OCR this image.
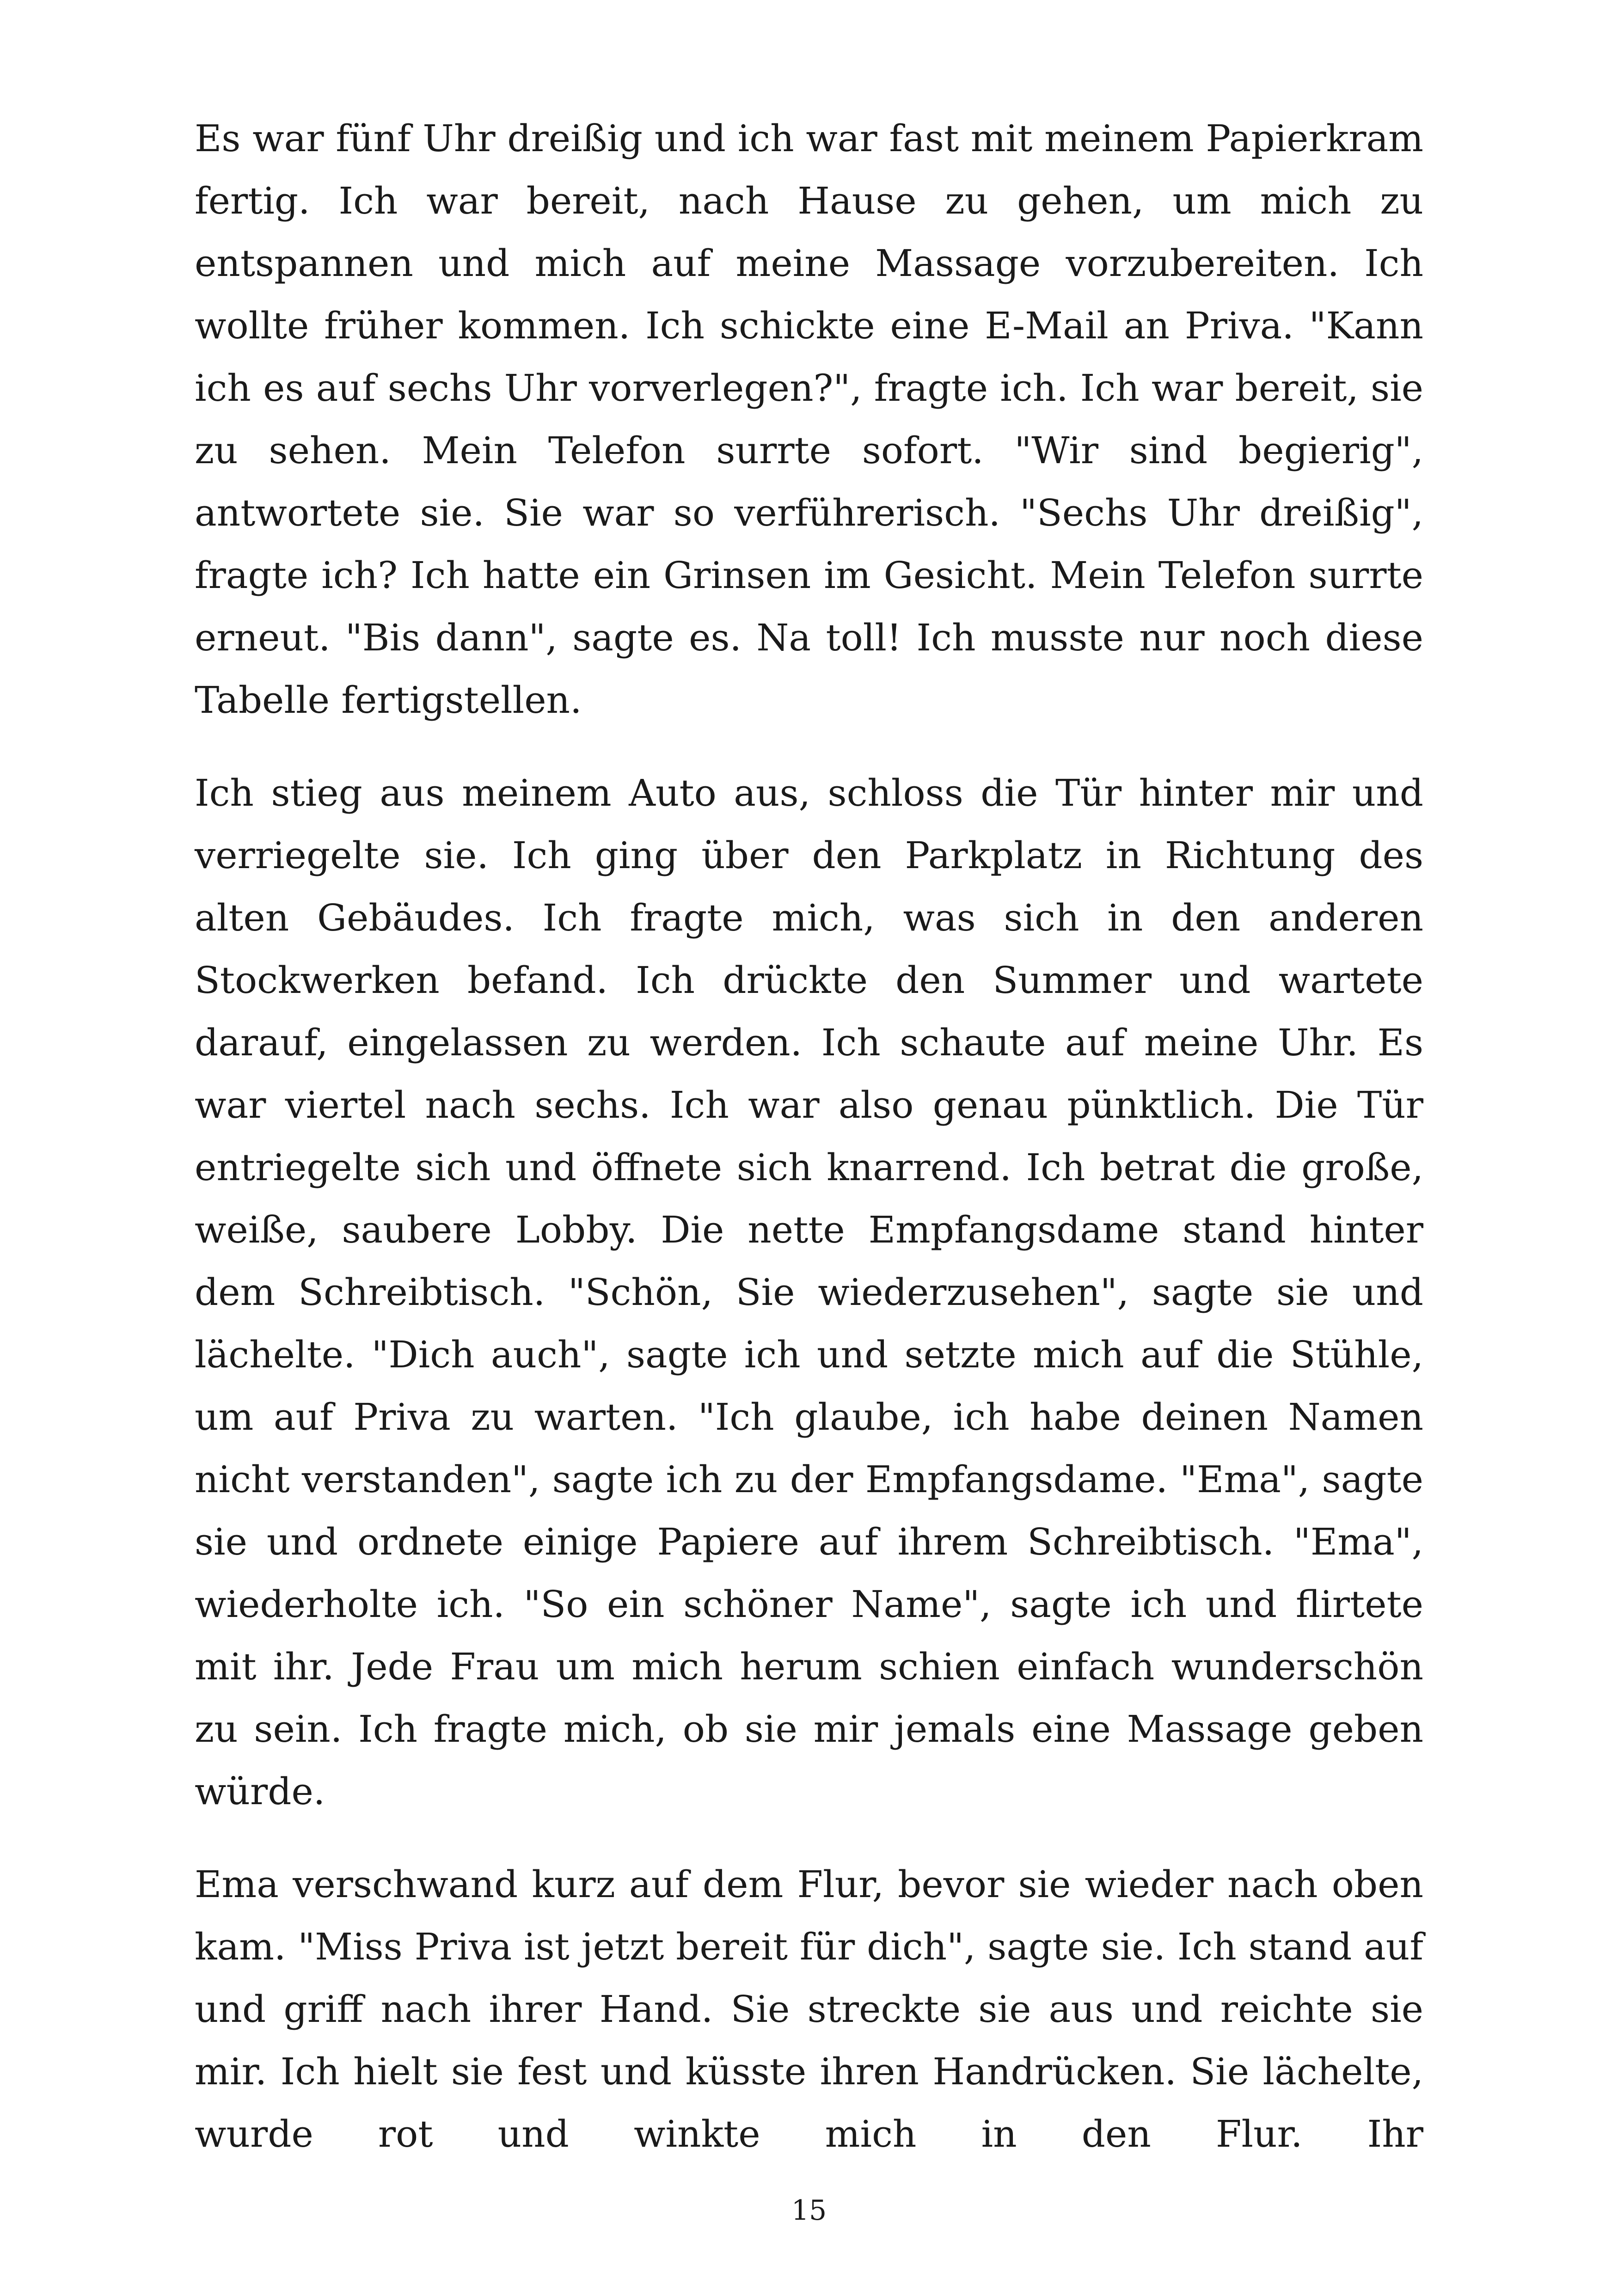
Es war fünf Uhr dreißig und ich war fast mit meinem Papierkram fertig. Ich war bereit, nach Hause zu gehen, um mich zu entspannen und mich auf meine Massage vorzubereiten. Ich wollte früher kommen. Ich schickte eine E-Mail an Priva. "Kann ich es auf sechs Uhr vorverlegen?", fragte ich. Ich war bereit, sie zu sehen. Mein Telefon surrte sofort. "Wir sind begierig", antwortete sie. Sie war so verführerisch. "Sechs Uhr dreißig", fragte ich? Ich hatte ein Grinsen im Gesicht. Mein Telefon surrte erneut. "Bis dann", sagte es. Na toll! Ich musste nur noch diese Tabelle fertigstellen.

Ich stieg aus meinem Auto aus, schloss die Tür hinter mir und verriegelte sie. Ich ging über den Parkplatz in Richtung des alten Gebäudes. Ich fragte mich, was sich in den anderen Stockwerken befand. Ich drückte den Summer und wartete darauf, eingelassen zu werden. Ich schaute auf meine Uhr. Es war viertel nach sechs. Ich war also genau pünktlich. Die Tür entriegelte sich und öffnete sich knarrend. Ich betrat die große, weiße, saubere Lobby. Die nette Empfangsdame stand hinter dem Schreibtisch. "Schön, Sie wiederzusehen", sagte sie und lächelte. "Dich auch", sagte ich und setzte mich auf die Stühle, um auf Priva zu warten. "Ich glaube, ich habe deinen Namen nicht verstanden", sagte ich zu der Empfangsdame. "Ema", sagte sie und ordnete einige Papiere auf ihrem Schreibtisch. "Ema", wiederholte ich. "So ein schöner Name", sagte ich und flirtete mit ihr. Jede Frau um mich herum schien einfach wunderschön zu sein. Ich fragte mich, ob sie mir jemals eine Massage geben würde.

Ema verschwand kurz auf dem Flur, bevor sie wieder nach oben kam. "Miss Priva ist jetzt bereit für dich", sagte sie. Ich stand auf und griff nach ihrer Hand. Sie streckte sie aus und reichte sie mir. Ich hielt sie fest und küsste ihren Handrücken. Sie lächelte, wurde rot und winkte mich in den Flur. Ihr

15
